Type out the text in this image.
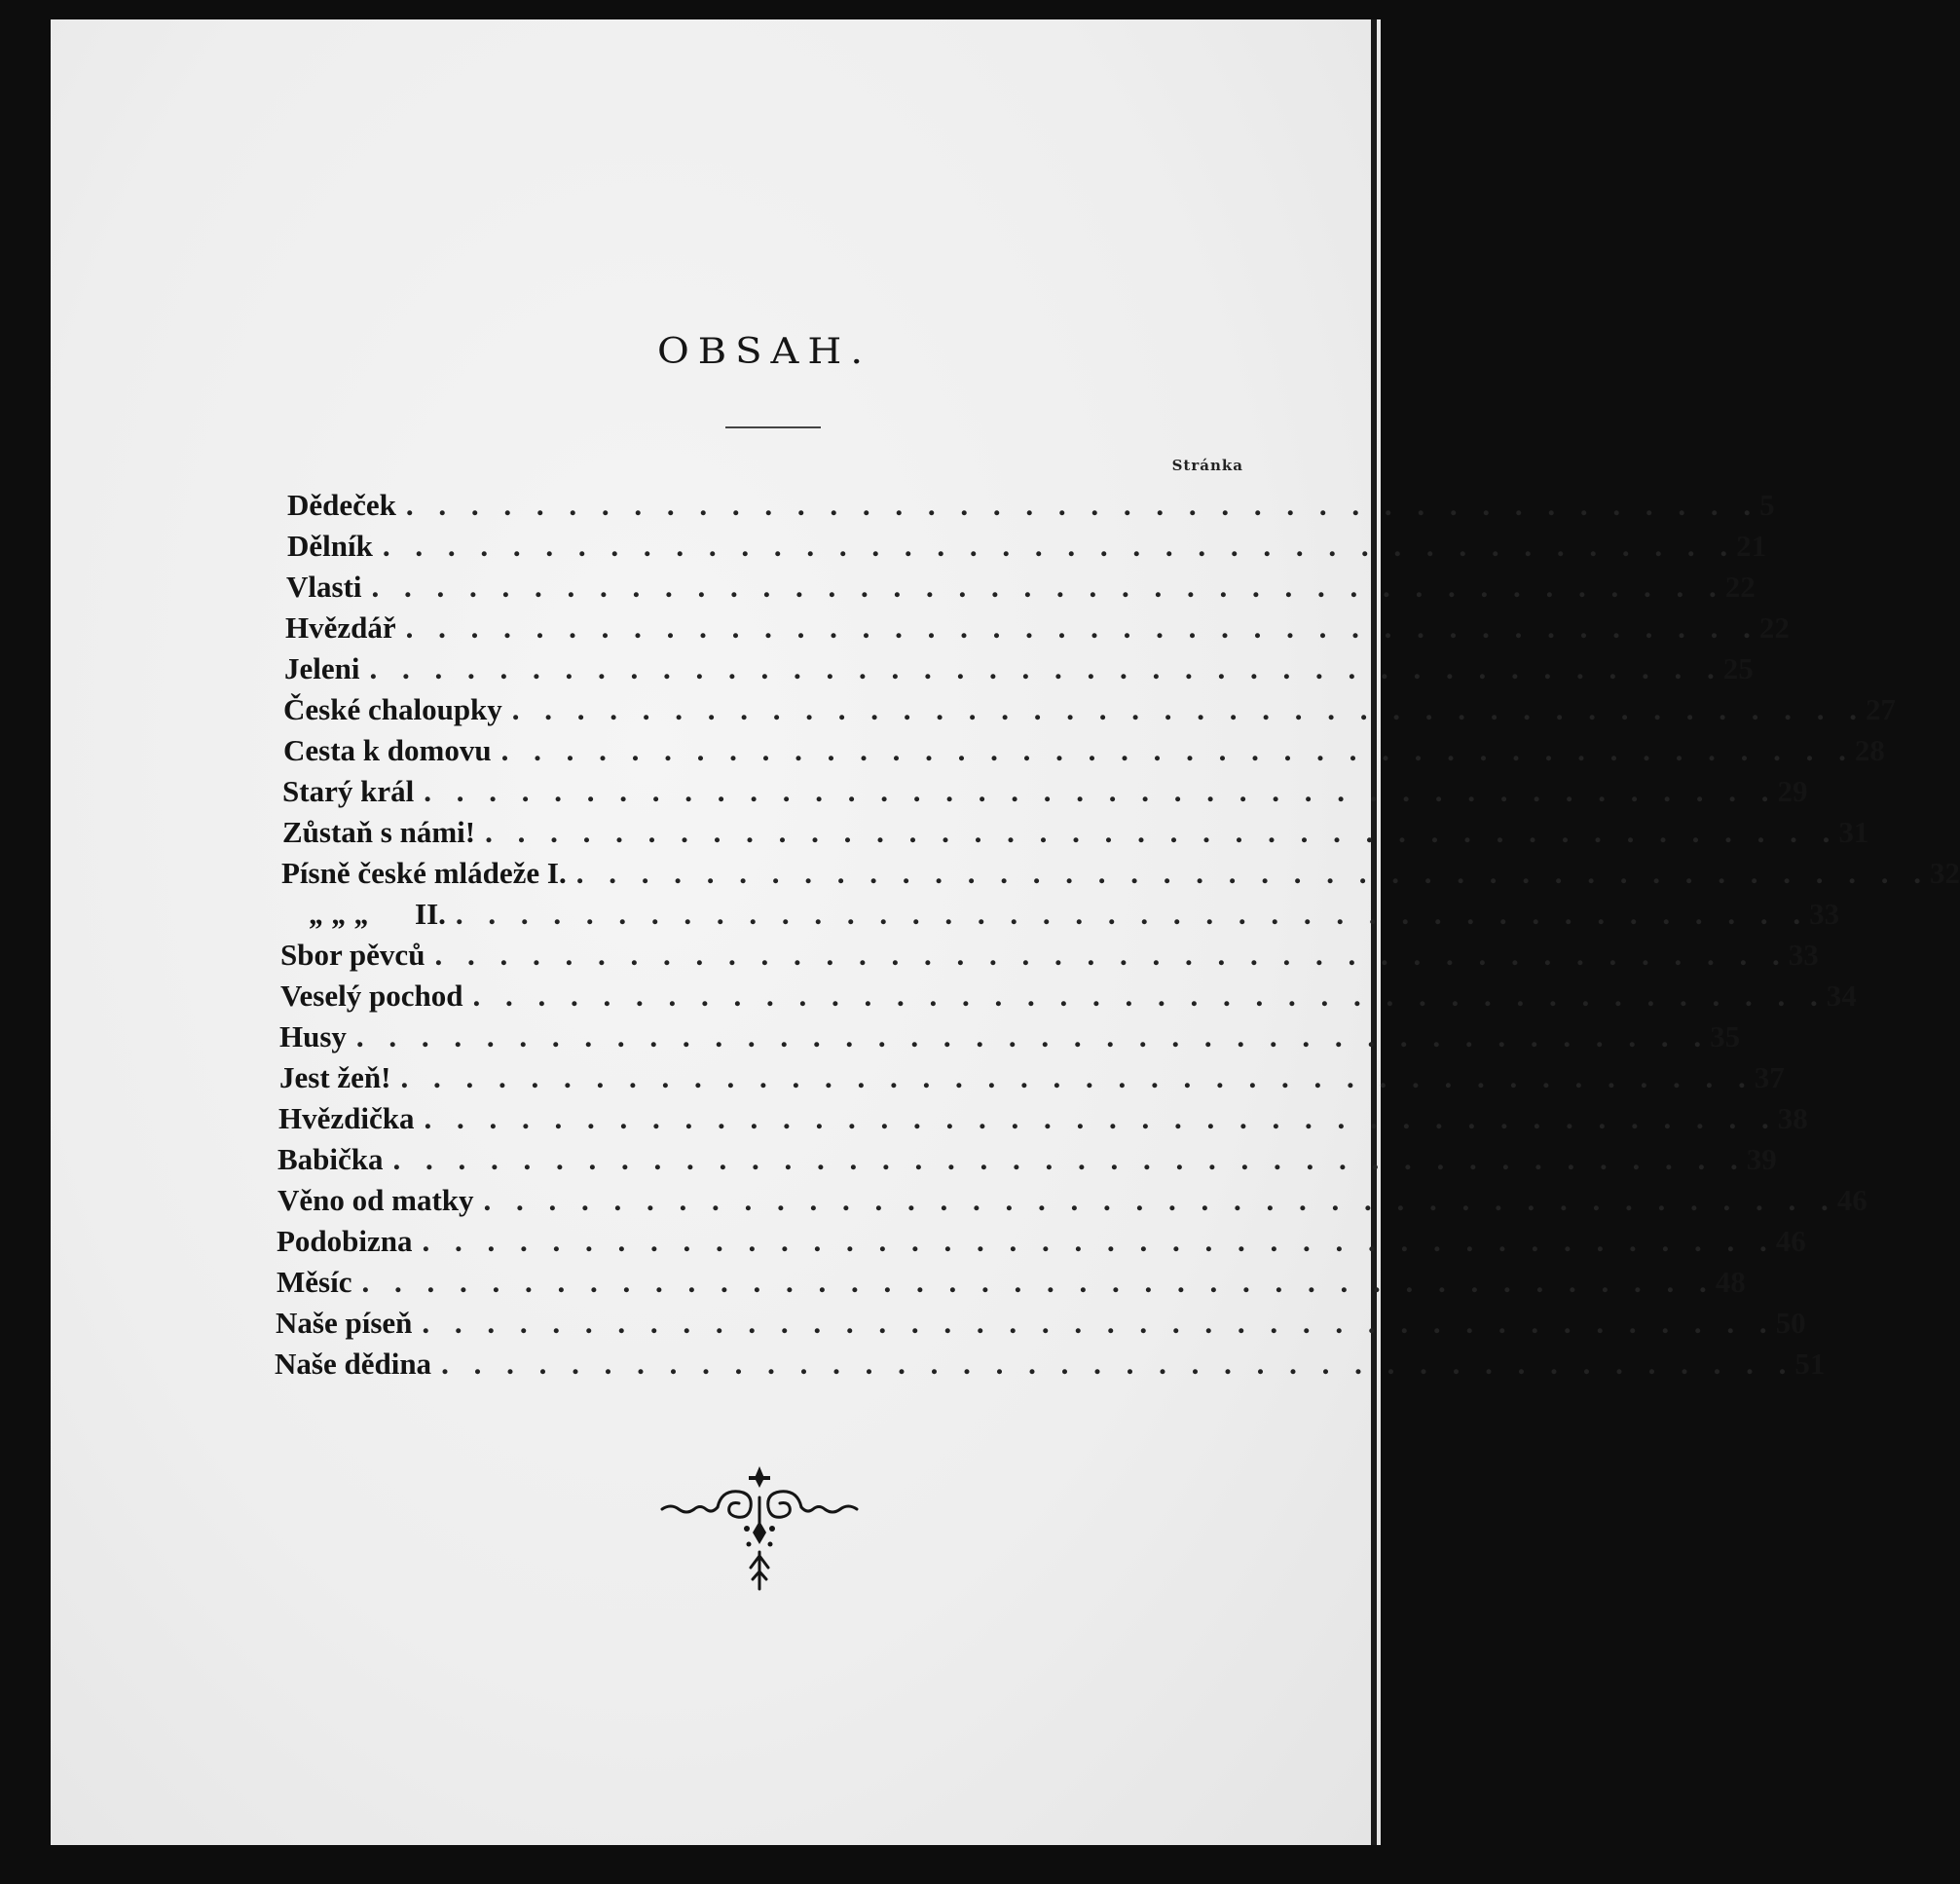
OBSAH.
Stránka
Dědeček . . . . . . . . . . . . . . . . . . . . . . . . . . . . . . . . . . . . . . . . . . 5
Dělník . . . . . . . . . . . . . . . . . . . . . . . . . . . . . . . . . . . . . . . . . . 21
Vlasti . . . . . . . . . . . . . . . . . . . . . . . . . . . . . . . . . . . . . . . . . . 22
Hvězdář . . . . . . . . . . . . . . . . . . . . . . . . . . . . . . . . . . . . . . . . . . 22
Jeleni . . . . . . . . . . . . . . . . . . . . . . . . . . . . . . . . . . . . . . . . . . 25
České chaloupky . . . . . . . . . . . . . . . . . . . . . . . . . . . . . . . . . . . . . . . . . . 27
Cesta k domovu . . . . . . . . . . . . . . . . . . . . . . . . . . . . . . . . . . . . . . . . . . 28
Starý král . . . . . . . . . . . . . . . . . . . . . . . . . . . . . . . . . . . . . . . . . . 29
Zůstaň s námi! . . . . . . . . . . . . . . . . . . . . . . . . . . . . . . . . . . . . . . . . . . 31
Písně české mládeže I. . . . . . . . . . . . . . . . . . . . . . . . . . . . . . . . . . . . . . . . . . . 32
„ „ „	II. . . . . . . . . . . . . . . . . . . . . . . . . . . . . . . . . . . . . . . . . . . 33
Sbor pěvců . . . . . . . . . . . . . . . . . . . . . . . . . . . . . . . . . . . . . . . . . . 33
Veselý pochod . . . . . . . . . . . . . . . . . . . . . . . . . . . . . . . . . . . . . . . . . . 34
Husy . . . . . . . . . . . . . . . . . . . . . . . . . . . . . . . . . . . . . . . . . . 35
Jest žeň! . . . . . . . . . . . . . . . . . . . . . . . . . . . . . . . . . . . . . . . . . . 37
Hvězdička . . . . . . . . . . . . . . . . . . . . . . . . . . . . . . . . . . . . . . . . . . 38
Babička . . . . . . . . . . . . . . . . . . . . . . . . . . . . . . . . . . . . . . . . . . 39
Věno od matky . . . . . . . . . . . . . . . . . . . . . . . . . . . . . . . . . . . . . . . . . . 46
Podobizna . . . . . . . . . . . . . . . . . . . . . . . . . . . . . . . . . . . . . . . . . . 46
Měsíc . . . . . . . . . . . . . . . . . . . . . . . . . . . . . . . . . . . . . . . . . . 48
Naše píseň . . . . . . . . . . . . . . . . . . . . . . . . . . . . . . . . . . . . . . . . . . 50
Naše dědina . . . . . . . . . . . . . . . . . . . . . . . . . . . . . . . . . . . . . . . . . . 51
